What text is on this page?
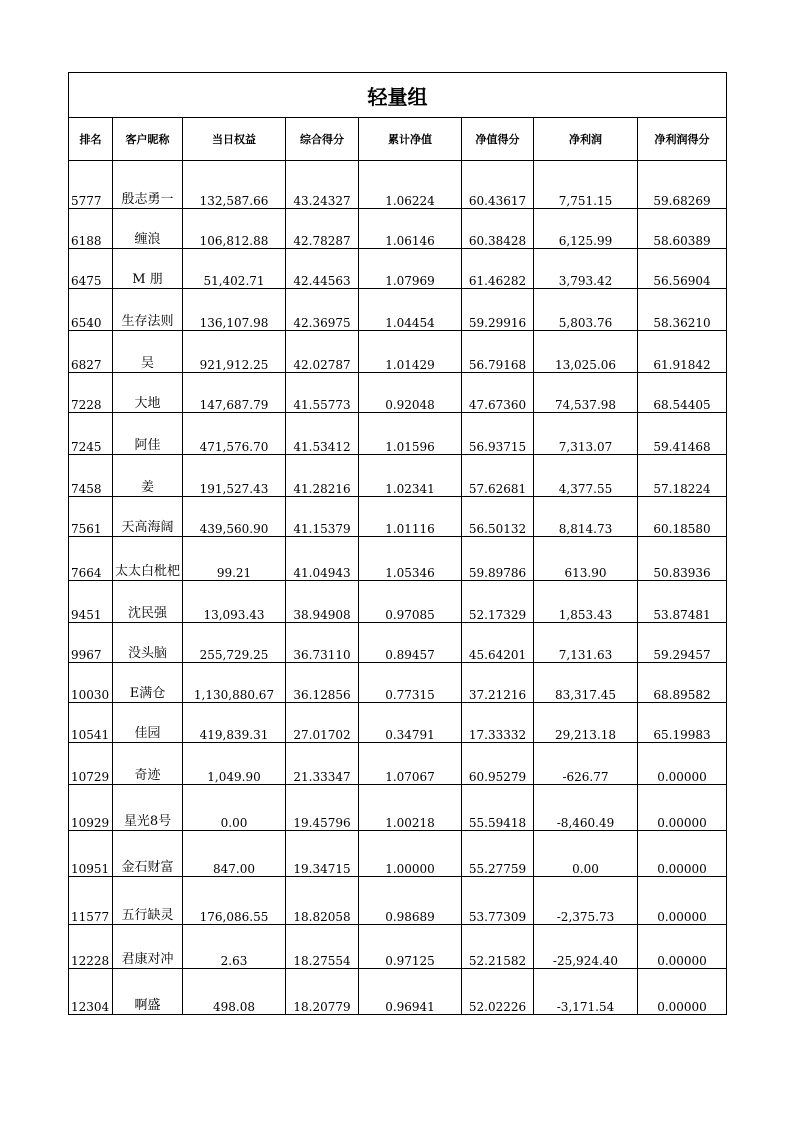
轻量组							
排名	客户昵称	当日权益	综合得分	累计净值	净值得分	净利润	净利润得分
5777	殷志勇一	132,587.66	43.24327	1.06224	60.43617	7,751.15	59.68269
6188	缠浪	106,812.88	42.78287	1.06146	60.38428	6,125.99	58.60389
6475	M 朋	51,402.71	42.44563	1.07969	61.46282	3,793.42	56.56904
6540	生存法则	136,107.98	42.36975	1.04454	59.29916	5,803.76	58.36210
6827	吴	921,912.25	42.02787	1.01429	56.79168	13,025.06	61.91842
7228	大地	147,687.79	41.55773	0.92048	47.67360	74,537.98	68.54405
7245	阿佳	471,576.70	41.53412	1.01596	56.93715	7,313.07	59.41468
7458	姜	191,527.43	41.28216	1.02341	57.62681	4,377.55	57.18224
7561	天高海阔	439,560.90	41.15379	1.01116	56.50132	8,814.73	60.18580
7664	太太白枇杷	99.21	41.04943	1.05346	59.89786	613.90	50.83936
9451	沈民强	13,093.43	38.94908	0.97085	52.17329	1,853.43	53.87481
9967	没头脑	255,729.25	36.73110	0.89457	45.64201	7,131.63	59.29457
10030	E满仓	1,130,880.67	36.12856	0.77315	37.21216	83,317.45	68.89582
10541	佳园	419,839.31	27.01702	0.34791	17.33332	29,213.18	65.19983
10729	奇迹	1,049.90	21.33347	1.07067	60.95279	-626.77	0.00000
10929	星光8号	0.00	19.45796	1.00218	55.59418	-8,460.49	0.00000
10951	金石财富	847.00	19.34715	1.00000	55.27759	0.00	0.00000
11577	五行缺灵	176,086.55	18.82058	0.98689	53.77309	-2,375.73	0.00000
12228	君康对冲	2.63	18.27554	0.97125	52.21582	-25,924.40	0.00000
12304	啊盛	498.08	18.20779	0.96941	52.02226	-3,171.54	0.00000
